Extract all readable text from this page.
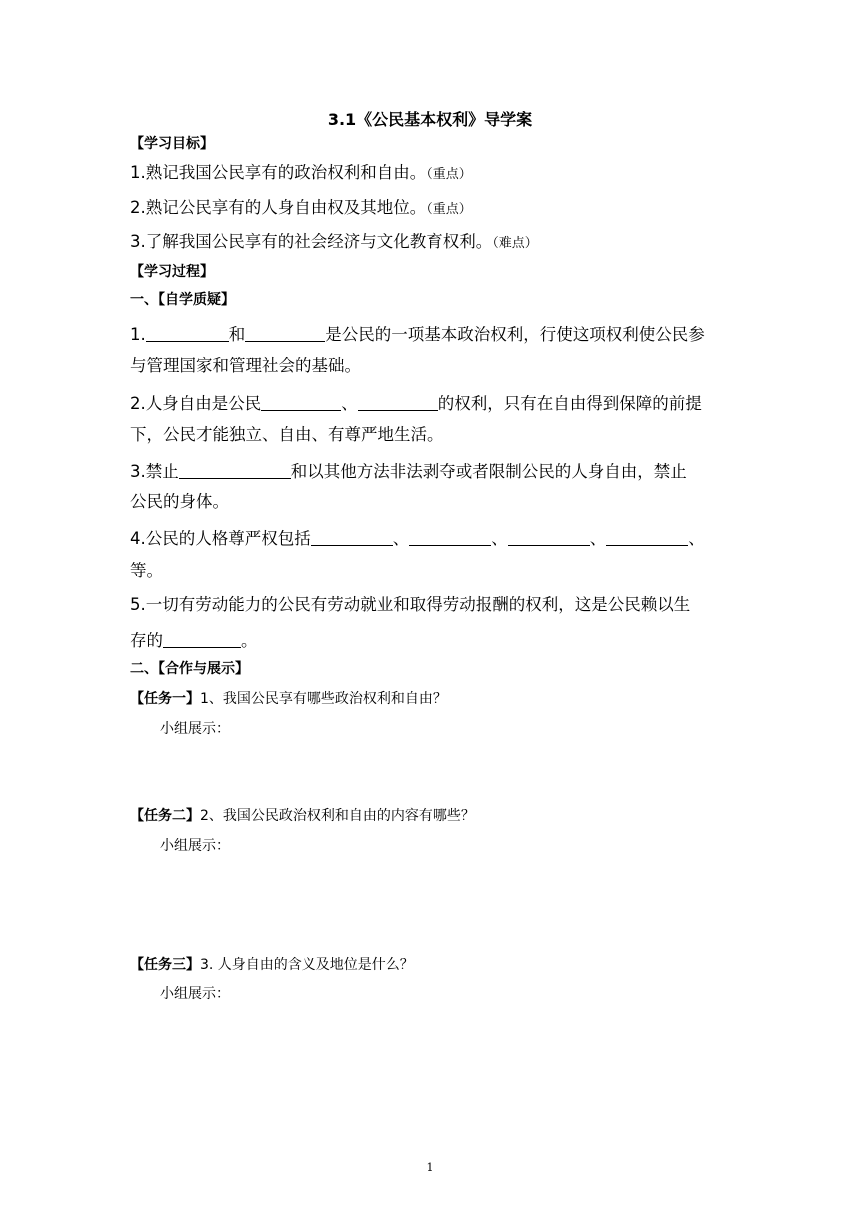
3.1《公民基本权利》导学案
【学习目标】
1.熟记我国公民享有的政治权利和自由。（重点）
2.熟记公民享有的人身自由权及其地位。（重点）
3.了解我国公民享有的社会经济与文化教育权利。（难点）
【学习过程】
一、【自学质疑】
1.	和	是公民的一项基本政治权利，行使这项权利使公民参
与管理国家和管理社会的基础。
2.人身自由是公民	、	的权利，只有在自由得到保障的前提
下，公民才能独立、自由、有尊严地生活。
3.禁止	和以其他方法非法剥夺或者限制公民的人身自由，禁止
公民的身体。
4.公民的人格尊严权包括	、	、	、	、
等。
5.一切有劳动能力的公民有劳动就业和取得劳动报酬的权利，这是公民赖以生
存的	。
二、【合作与展示】
【任务一】1、我国公民享有哪些政治权利和自由？
小组展示：
【任务二】2、我国公民政治权利和自由的内容有哪些？
小组展示：
【任务三】3. 人身自由的含义及地位是什么？
小组展示：
1
